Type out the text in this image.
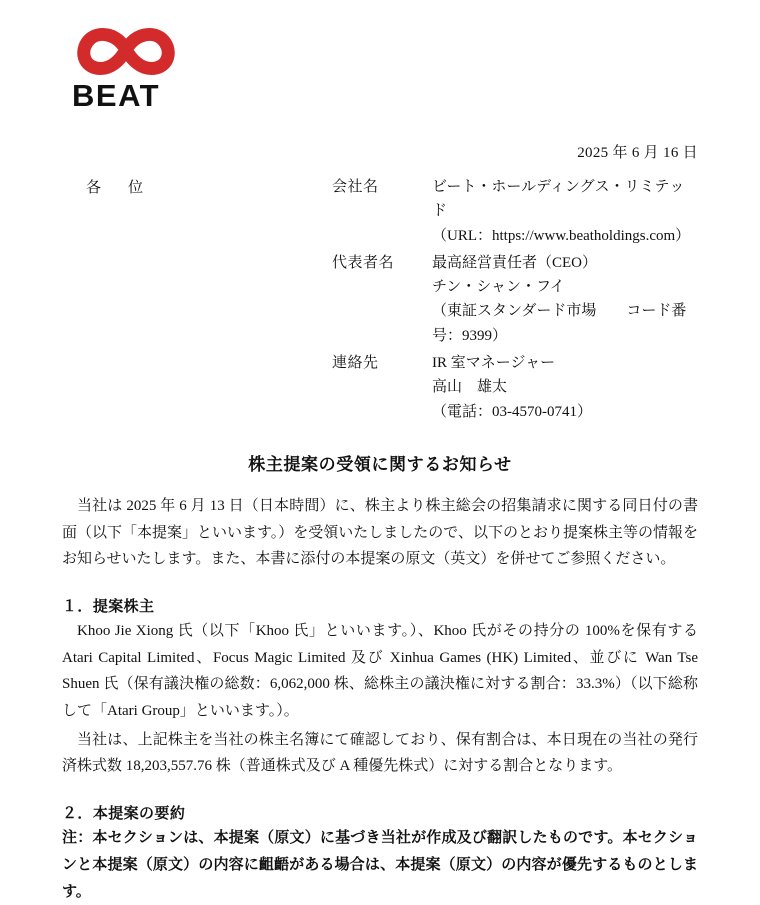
BEAT
2025 年 6 月 16 日
各　位	会社名	ビート・ホールディングス・リミテッド
（URL：https://www.beatholdings.com）
代表者名	最高経営責任者（CEO）
チン・シャン・フイ
（東証スタンダード市場　　コード番号：9399）
連絡先	IR 室マネージャー
高山　雄太
（電話：03-4570-0741）
株主提案の受領に関するお知らせ
当社は 2025 年 6 月 13 日（日本時間）に、株主より株主総会の招集請求に関する同日付の書面（以下「本提案」といいます。）を受領いたしましたので、以下のとおり提案株主等の情報をお知らせいたします。また、本書に添付の本提案の原文（英文）を併せてご参照ください。
１．提案株主
Khoo Jie Xiong 氏（以下「Khoo 氏」といいます。）、Khoo 氏がその持分の 100%を保有する Atari Capital Limited、Focus Magic Limited 及び Xinhua Games (HK) Limited、並びに Wan Tse Shuen 氏（保有議決権の総数：6,062,000 株、総株主の議決権に対する割合：33.3%）（以下総称して「Atari Group」といいます。）。
当社は、上記株主を当社の株主名簿にて確認しており、保有割合は、本日現在の当社の発行済株式数 18,203,557.76 株（普通株式及び A 種優先株式）に対する割合となります。
２．本提案の要約
注：本セクションは、本提案（原文）に基づき当社が作成及び翻訳したものです。本セクションと本提案（原文）の内容に齟齬がある場合は、本提案（原文）の内容が優先するものとします。
